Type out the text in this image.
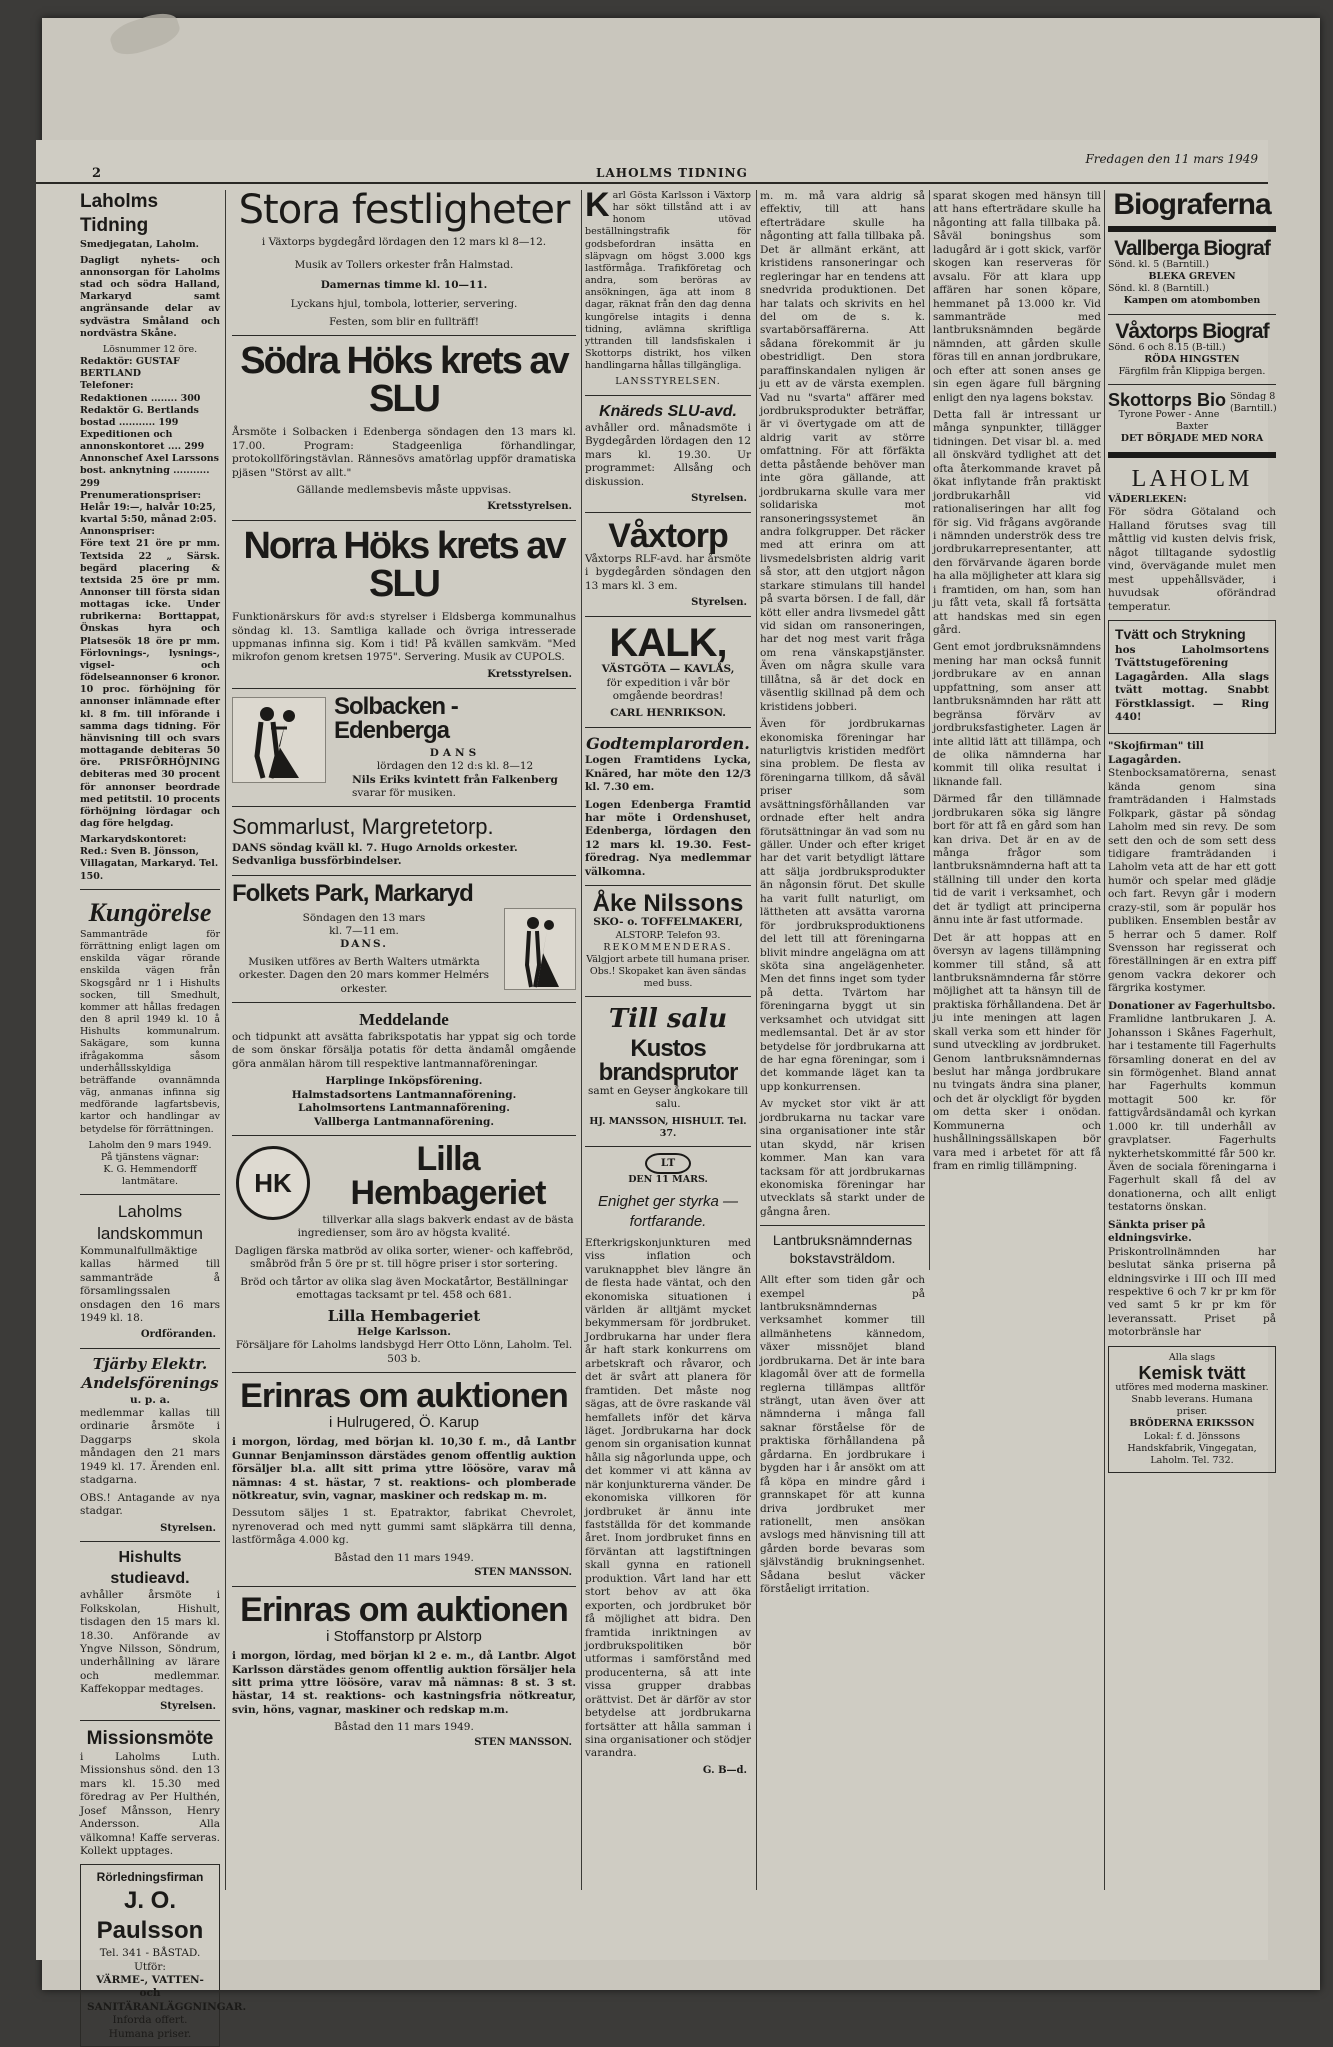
2	LAHOLMS TIDNING
Fredagen den 11 mars 1949
Laholms Tidning
Smedjegatan, Laholm.

Dagligt nyhets- och annonsorgan för Laholms stad och södra Halland, Markaryd samt angränsande delar av sydvästra Småland och nordvästra Skåne.

Lösnummer 12 öre.
Redaktör: GUSTAF BERTLAND
Telefoner:
Redaktionen ........ 300
Redaktör G. Bertlands bostad ........... 199
Expeditionen och annonskontoret .... 299
Annonschef Axel Larssons bost. anknytning ........... 299
Prenumerationspriser:
Helår 19:—, halvår 10:25, kvartal 5:50, månad 2:05.
Annonspriser:

Före text 21 öre pr mm. Textsida 22 „ Särsk. begärd placering & textsida 25 öre pr mm. Annonser till första sidan mottagas icke. Under rubrikerna: Borttappat, Önskas hyra och Platsesök 18 öre pr mm. Förlovnings-, lysnings-, vigsel- och födelseannonser 6 kronor. 10 proc. förhöjning för annonser inlämnade efter kl. 8 fm. till införande i samma dags tidning. För hänvisning till och svars mottagande debiteras 50 öre. PRISFÖRHÖJNING debiteras med 30 procent för annonser beordrade med petitstil. 10 procents förhöjning lördagar och dag före helgdag.

Markarydskontoret:
Red.: Sven B. Jönsson, Villagatan, Markaryd. Tel. 150.
Kungörelse

Sammanträde för förrättning enligt lagen om enskilda vägar rörande enskilda vägen från Skogsgård nr 1 i Hishults socken, till Smedhult, kommer att hållas fredagen den 8 april 1949 kl. 10 å Hishults kommunalrum. Sakägare, som kunna ifrågakomma såsom underhållsskyldiga beträffande ovannämnda väg, anmanas infinna sig medförande lagfartsbevis, kartor och handlingar av betydelse för förrättningen.

Laholm den 9 mars 1949.
På tjänstens vägnar:
K. G. Hemmendorff
lantmätare.
Laholms
landskommun

Kommunalfullmäktige kallas härmed till sammanträde å församlingssalen onsdagen den 16 mars 1949 kl. 18.

Ordföranden.
Tjärby Elektr.
Andelsförenings
u. p. a.

medlemmar kallas till ordinarie årsmöte i Daggarps skola måndagen den 21 mars 1949 kl. 17. Ärenden enl. stadgarna.

OBS.! Antagande av nya stadgar.

Styrelsen.
Hishults studieavd.

avhåller årsmöte i Folkskolan, Hishult, tisdagen den 15 mars kl. 18.30. Anförande av Yngve Nilsson, Söndrum, underhållning av lärare och medlemmar. Kaffekoppar medtages.

Styrelsen.
Missionsmöte

i Laholms Luth. Missionshus sönd. den 13 mars kl. 15.30 med föredrag av Per Hulthén, Josef Månsson, Henry Andersson. Alla välkomna! Kaffe serveras. Kollekt upptages.

Rörledningsfirman
J. O. Paulsson
Tel. 341 - BÅSTAD.
Utför:
VÄRME-, VATTEN- och SANITÄRANLÄGGNINGAR.
Inforda offert.
Humana priser.
Stora festligheter
i Växtorps bygdegård lördagen den 12 mars kl 8—12.
Musik av Tollers orkester från Halmstad.
Damernas timme kl. 10—11.
Lyckans hjul, tombola, lotterier, servering.
Festen, som blir en fullträff!
Södra Höks krets av SLU

Årsmöte i Solbacken i Edenberga söndagen den 13 mars kl. 17.00. Program: Stadgeenliga förhandlingar, protokollföringstävlan. Rännesövs amatörlag uppför dramatiska pjäsen "Störst av allt."

Gällande medlemsbevis måste uppvisas.

Kretsstyrelsen.
Norra Höks krets av SLU

Funktionärskurs för avd:s styrelser i Eldsberga kommunalhus söndag kl. 13. Samtliga kallade och övriga intresserade uppmanas infinna sig. Kom i tid! På kvällen samkväm. "Med mikrofon genom kretsen 1975". Servering. Musik av CUPOLS.

Kretsstyrelsen.
Solbacken - Edenberga
DANS
lördagen den 12 d:s kl. 8—12
Nils Eriks kvintett från Falkenberg
svarar för musiken.
Sommarlust, Margretetorp.
DANS söndag kväll kl. 7. Hugo Arnolds orkester. Sedvanliga bussförbindelser.
Folkets Park, Markaryd
Söndagen den 13 mars
kl. 7—11 em.
DANS.
Musiken utföres av Berth Walters utmärkta orkester. Dagen den 20 mars kommer Helmérs orkester.
Meddelande

och tidpunkt att avsätta fabrikspotatis har yppat sig och torde de som önskar försälja potatis för detta ändamål omgående göra anmälan härom till respektive lantmannaföreningar.

Harplinge Inköpsförening.
Halmstadsortens Lantmannaförening.
Laholmsortens Lantmannaförening.
Vallberga Lantmannaförening.
HK
Lilla Hembageriet

tillverkar alla slags bakverk endast av de bästa ingredienser, som äro av högsta kvalité.

Dagligen färska matbröd av olika sorter, wiener- och kaffebröd, småbröd från 5 öre pr st. till högre priser i stor sortering.

Bröd och tårtor av olika slag även Mockatårtor, Beställningar emottagas tacksamt pr tel. 458 och 681.

Lilla Hembageriet
Helge Karlsson.
Försäljare för Laholms landsbygd Herr Otto Lönn, Laholm. Tel. 503 b.
Erinras om auktionen
i Hulrugered, Ö. Karup

i morgon, lördag, med början kl. 10,30 f. m., då Lantbr Gunnar Benjaminsson därstädes genom offentlig auktion försäljer bl.a. allt sitt prima yttre löösöre, varav må nämnas: 4 st. hästar, 7 st. reaktions- och plomberade nötkreatur, svin, vagnar, maskiner och redskap m. m.

Dessutom säljes 1 st. Epatraktor, fabrikat Chevrolet, nyrenoverad och med nytt gummi samt släpkärra till denna, lastförmåga 4.000 kg.

Båstad den 11 mars 1949.
STEN MANSSON.
Erinras om auktionen
i Stoffanstorp pr Alstorp

i morgon, lördag, med början kl 2 e. m., då Lantbr. Algot Karlsson därstädes genom offentlig auktion försäljer hela sitt prima yttre löösöre, varav må nämnas: 8 st. 3 st. hästar, 14 st. reaktions- och kastningsfria nötkreatur, svin, höns, vagnar, maskiner och redskap m.m.

Båstad den 11 mars 1949.
STEN MANSSON.

Karl Gösta Karlsson i Växtorp har sökt tillstånd att i av honom utövad beställningstrafik för godsbefordran insätta en släpvagn om högst 3.000 kgs lastförmåga. Trafikföretag och andra, som beröras av ansökningen, äga att inom 8 dagar, räknat från den dag denna kungörelse intagits i denna tidning, avlämna skriftliga yttranden till landsfiskalen i Skottorps distrikt, hos vilken handlingarna hållas tillgängliga.

LANSSTYRELSEN.
Knäreds SLU-avd.

avhåller ord. månadsmöte i Bygdegården lördagen den 12 mars kl. 19.30. Ur programmet: Allsång och diskussion.

Styrelsen.
Våxtorp

Våxtorps RLF-avd. har årsmöte i bygdegården söndagen den 13 mars kl. 3 em.

Styrelsen.
KALK,
VÄSTGÖTA — KAVLÅS,

för expedition i vår bör omgående beordras!

CARL HENRIKSON.
Godtemplarorden.

Logen Framtidens Lycka, Knäred, har möte den 12/3 kl. 7.30 em.

Logen Edenberga Framtid har möte i Ordenshuset, Edenberga, lördagen den 12 mars kl. 19.30. Fest-föredrag. Nya medlemmar välkomna.

Åke Nilssons
SKO- o. TOFFELMAKERI,
ALSTORP. Telefon 93.
REKOMMENDERAS.

Välgjort arbete till humana priser. Obs.! Skopaket kan även sändas med buss.

Till salu
Kustos brandsprutor

samt en Geyser ångkokare till salu.

HJ. MANSSON, HISHULT. Tel. 37.
LT
DEN 11 MARS.
Enighet ger styrka — fortfarande.

Efterkrigskonjunkturen med viss inflation och varuknapphet blev längre än de flesta hade väntat, och den ekonomiska situationen i världen är alltjämt mycket bekymmersam för jordbruket. Jordbrukarna har under flera år haft stark konkurrens om arbetskraft och råvaror, och det är svårt att planera för framtiden. Det måste nog sägas, att de övre raskande väl hemfallets inför det kärva läget. Jordbrukarna har dock genom sin organisation kunnat hålla sig någorlunda uppe, och det kommer vi att känna av när konjunkturerna vänder. De ekonomiska villkoren för jordbruket är ännu inte fastställda för det kommande året. Inom jordbruket finns en förväntan att lagstiftningen skall gynna en rationell produktion. Vårt land har ett stort behov av att öka exporten, och jordbruket bör få möjlighet att bidra. Den framtida inriktningen av jordbrukspolitiken bör utformas i samförstånd med producenterna, så att inte vissa grupper drabbas orättvist. Det är därför av stor betydelse att jordbrukarna fortsätter att hålla samman i sina organisationer och stödjer varandra.

G. B—d.

m. m. må vara aldrig så effektiv, till att hans efterträdare skulle ha någonting att falla tillbaka på. Det är allmänt erkänt, att kristidens ransoneringar och regleringar har en tendens att snedvrida produktionen. Det har talats och skrivits en hel del om de s. k. svartabörsaffärerna. Att sådana förekommit är ju obestridligt. Den stora paraffinskandalen nyligen är ju ett av de värsta exemplen. Vad nu "svarta" affärer med jordbruksprodukter beträffar, är vi övertygade om att de aldrig varit av större omfattning. För att förfäkta detta påstående behöver man inte göra gällande, att jordbrukarna skulle vara mer solidariska mot ransoneringssystemet än andra folkgrupper. Det räcker med att erinra om att livsmedelsbristen aldrig varit så stor, att den utgjort någon starkare stimulans till handel på svarta börsen. I de fall, där kött eller andra livsmedel gått vid sidan om ransoneringen, har det nog mest varit fråga om rena vänskapstjänster. Även om några skulle vara tillåtna, så är det dock en väsentlig skillnad på dem och kristidens jobberi.

Även för jordbrukarnas ekonomiska föreningar har naturligtvis kristiden medfört sina problem. De flesta av föreningarna tillkom, då såväl priser som avsättningsförhållanden var ordnade efter helt andra förutsättningar än vad som nu gäller. Under och efter kriget har det varit betydligt lättare att sälja jordbruksprodukter än någonsin förut. Det skulle ha varit fullt naturligt, om lättheten att avsätta varorna för jordbruksproduktionens del lett till att föreningarna blivit mindre angelägna om att sköta sina angelägenheter. Men det finns inget som tyder på detta. Tvärtom har föreningarna byggt ut sin verksamhet och utvidgat sitt medlemsantal. Det är av stor betydelse för jordbrukarna att de har egna föreningar, som i det kommande läget kan ta upp konkurrensen.

Av mycket stor vikt är att jordbrukarna nu tackar vare sina organisationer inte står utan skydd, när krisen kommer. Man kan vara tacksam för att jordbrukarnas ekonomiska föreningar har utvecklats så starkt under de gångna åren.

Lantbruksnämndernas bokstavsträldom.

Allt efter som tiden går och exempel på lantbruksnämndernas verksamhet kommer till allmänhetens kännedom, växer missnöjet bland jordbrukarna. Det är inte bara klagomål över att de formella reglerna tillämpas alltför strängt, utan även över att nämnderna i många fall saknar förståelse för de praktiska förhållandena på gårdarna. En jordbrukare i bygden har i år ansökt om att få köpa en mindre gård i grannskapet för att kunna driva jordbruket mer rationellt, men ansökan avslogs med hänvisning till att gården borde bevaras som självständig brukningsenhet. Sådana beslut väcker förståeligt irritation.

sparat skogen med hänsyn till att hans efterträdare skulle ha någonting att falla tillbaka på. Såväl boningshus som ladugård är i gott skick, varför skogen kan reserveras för avsalu. För att klara upp affären har sonen köpare, hemmanet på 13.000 kr. Vid sammanträde med lantbruksnämnden begärde nämnden, att gården skulle föras till en annan jordbrukare, och efter att sonen anses ge sin egen ägare full bärgning enligt den nya lagens bokstav.

Detta fall är intressant ur många synpunkter, tillägger tidningen. Det visar bl. a. med all önskvärd tydlighet att det ofta återkommande kravet på ökat inflytande från praktiskt jordbrukarhåll vid rationaliseringen har allt fog för sig. Vid frågans avgörande i nämnden underströk dess tre jordbrukarrepresentanter, att den förvärvande ägaren borde ha alla möjligheter att klara sig i framtiden, om han, som han ju fått veta, skall få fortsätta att handskas med sin egen gård.

Gent emot jordbruksnämndens mening har man också funnit jordbrukare av en annan uppfattning, som anser att lantbruksnämnden har rätt att begränsa förvärv av jordbruksfastigheter. Lagen är inte alltid lätt att tillämpa, och de olika nämnderna har kommit till olika resultat i liknande fall.

Därmed får den tillämnade jordbrukaren söka sig längre bort för att få en gård som han kan driva. Det är en av de många frågor som lantbruksnämnderna haft att ta ställning till under den korta tid de varit i verksamhet, och det är tydligt att principerna ännu inte är fast utformade.

Det är att hoppas att en översyn av lagens tillämpning kommer till stånd, så att lantbruksnämnderna får större möjlighet att ta hänsyn till de praktiska förhållandena. Det är ju inte meningen att lagen skall verka som ett hinder för sund utveckling av jordbruket. Genom lantbruksnämndernas beslut har många jordbrukare nu tvingats ändra sina planer, och det är olyckligt för bygden om detta sker i onödan. Kommunerna och hushållningssällskapen bör vara med i arbetet för att få fram en rimlig tillämpning.

Biograferna
Vallberga Biograf
Sönd. kl. 5 (Barntill.)
BLEKA GREVEN
Sönd. kl. 8 (Barntill.)
Kampen om atombomben
Våxtorps Biograf
Sönd. 6 och 8.15 (B-till.)
RÖDA HINGSTEN
Färgfilm från Klippiga bergen.
Skottorps Bio Söndag 8 (Barntill.)
Tyrone Power - Anne Baxter
DET BÖRJADE MED NORA
LAHOLM
VÄDERLEKEN:

För södra Götaland och Halland förutses svag till måttlig vid kusten delvis frisk, något tilltagande sydostlig vind, övervägande mulet men mest uppehållsväder, i huvudsak oförändrad temperatur.

Tvätt och Strykning

hos Laholmsortens Tvättstugeförening Lagagården. Alla slags tvätt mottag. Snabbt Förstklassigt. — Ring 440!

"Skojfirman" till Lagagården.

Stenbocksamatörerna, senast kända genom sina framträdanden i Halmstads Folkpark, gästar på söndag Laholm med sin revy. De som sett den och de som sett dess tidigare framträdanden i Laholm veta att de har ett gott humör och spelar med glädje och fart. Revyn går i modern crazy-stil, som är populär hos publiken. Ensemblen består av 5 herrar och 5 damer. Rolf Svensson har regisserat och föreställningen är en extra piff genom vackra dekorer och färgrika kostymer.

Donationer av Fagerhultsbo.

Framlidne lantbrukaren J. A. Johansson i Skånes Fagerhult, har i testamente till Fagerhults församling donerat en del av sin förmögenhet. Bland annat har Fagerhults kommun mottagit 500 kr. för fattigvårdsändamål och kyrkan 1.000 kr. till underhåll av gravplatser. Fagerhults nykterhetskommitté får 500 kr. Även de sociala föreningarna i Fagerhult skall få del av donationerna, och allt enligt testatorns önskan.

Sänkta priser på eldningsvirke.

Priskontrollnämnden har beslutat sänka priserna på eldningsvirke i III och III med respektive 6 och 7 kr pr km för ved samt 5 kr pr km för leveranssatt. Priset på motorbränsle har

Alla slags
Kemisk tvätt
utföres med moderna maskiner.
Snabb leverans. Humana priser.
BRÖDERNA ERIKSSON
Lokal: f. d. Jönssons Handskfabrik, Vingegatan, Laholm. Tel. 732.
